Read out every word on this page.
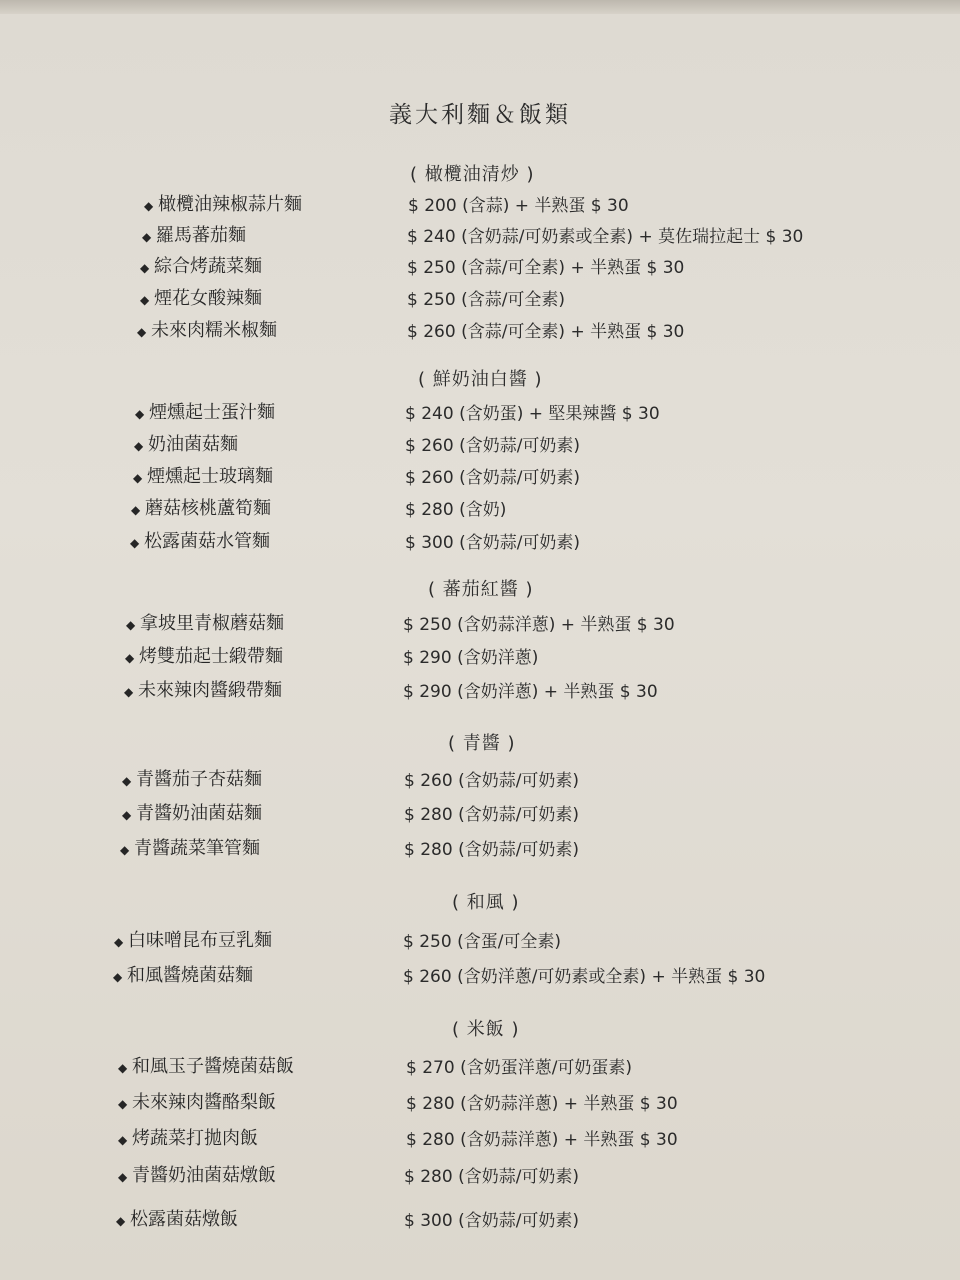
義大利麵＆飯類
( 橄欖油清炒 )
◆ 橄欖油辣椒蒜片麵	$ 200 (含蒜) + 半熟蛋 $ 30
◆ 羅馬蕃茄麵	$ 240 (含奶蒜/可奶素或全素) + 莫佐瑞拉起士 $ 30
◆ 綜合烤蔬菜麵	$ 250 (含蒜/可全素) + 半熟蛋 $ 30
◆ 煙花女酸辣麵	$ 250 (含蒜/可全素)
◆ 未來肉糯米椒麵	$ 260 (含蒜/可全素) + 半熟蛋 $ 30
( 鮮奶油白醬 )
◆ 煙燻起士蛋汁麵	$ 240 (含奶蛋) + 堅果辣醬 $ 30
◆ 奶油菌菇麵	$ 260 (含奶蒜/可奶素)
◆ 煙燻起士玻璃麵	$ 260 (含奶蒜/可奶素)
◆ 蘑菇核桃蘆筍麵	$ 280 (含奶)
◆ 松露菌菇水管麵	$ 300 (含奶蒜/可奶素)
( 蕃茄紅醬 )
◆ 拿坡里青椒蘑菇麵	$ 250 (含奶蒜洋蔥) + 半熟蛋 $ 30
◆ 烤雙茄起士緞帶麵	$ 290 (含奶洋蔥)
◆ 未來辣肉醬緞帶麵	$ 290 (含奶洋蔥) + 半熟蛋 $ 30
( 青醬 )
◆ 青醬茄子杏菇麵	$ 260 (含奶蒜/可奶素)
◆ 青醬奶油菌菇麵	$ 280 (含奶蒜/可奶素)
◆ 青醬蔬菜筆管麵	$ 280 (含奶蒜/可奶素)
( 和風 )
◆ 白味噌昆布豆乳麵	$ 250 (含蛋/可全素)
◆ 和風醬燒菌菇麵	$ 260 (含奶洋蔥/可奶素或全素) + 半熟蛋 $ 30
( 米飯 )
◆ 和風玉子醬燒菌菇飯	$ 270 (含奶蛋洋蔥/可奶蛋素)
◆ 未來辣肉醬酪梨飯	$ 280 (含奶蒜洋蔥) + 半熟蛋 $ 30
◆ 烤蔬菜打拋肉飯	$ 280 (含奶蒜洋蔥) + 半熟蛋 $ 30
◆ 青醬奶油菌菇燉飯	$ 280 (含奶蒜/可奶素)
◆ 松露菌菇燉飯	$ 300 (含奶蒜/可奶素)
